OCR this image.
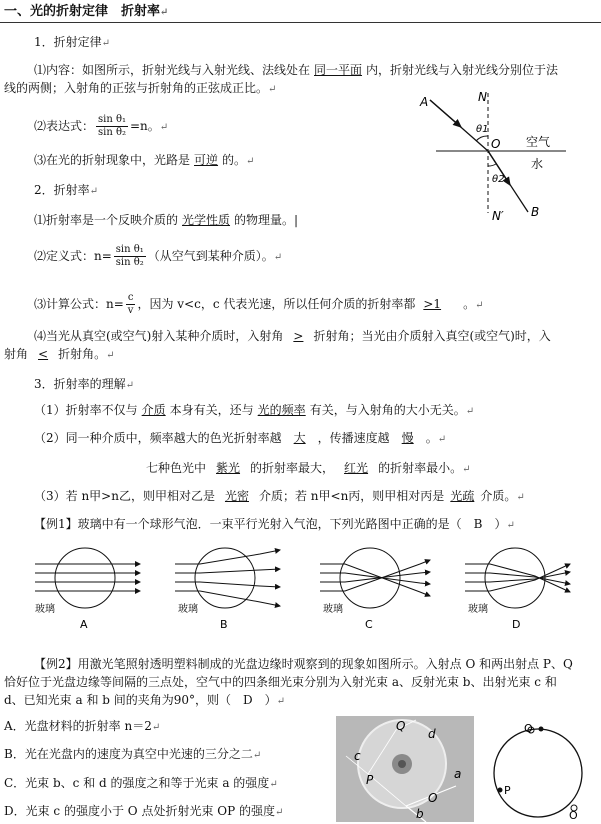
一、光的折射定律　折射率↵
1．折射定律↵
⑴内容：如图所示，折射光线与入射光线、法线处在 同一平面 内，折射光线与入射光线分别位于法
线的两侧；入射角的正弦与折射角的正弦成正比。↵
⑵表达式： $\frac{\text{sin θ₁}}{\text{sin θ₂}} =n$。↵
⑶在光的折射现象中，光路是 可逆 的。↵
A	N
θ1
O 空气
水
θ2
N′ B
2．折射率↵
⑴折射率是一个反映介质的 光学性质 的物理量。|
⑵定义式：$n= \frac{\text{sin θ₁}}{\text{sin θ₂}}$ （从空气到某种介质）。↵
⑶计算公式：$n= \frac{c}{v}$ ，因为 v<c，c 代表光速，所以任何介质的折射率都 >1 。↵
⑷当光从真空(或空气)射入某种介质时，入射角 > 折射角；当光由介质射入真空(或空气)时，入
射角 < 折射角。↵
3．折射率的理解↵
（1）折射率不仅与 介质 本身有关，还与 光的频率 有关，与入射角的大小无关。↵
（2）同一种介质中，频率越大的色光折射率越 大 ，传播速度越 慢 。↵
七种色光中 紫光 的折射率最大， 红光 的折射率最小。↵
（3）若 n甲>n乙，则甲相对乙是 光密 介质；若 n甲<n丙，则甲相对丙是 光疏 介质。↵
【例1】玻璃中有一个球形气泡．一束平行光射入气泡，下列光路图中正确的是（　B　）↵
玻璃
A
玻璃
B
玻璃
C
玻璃
D
【例2】用激光笔照射透明塑料制成的光盘边缘时观察到的现象如图所示。入射点 O 和两出射点 P、Q
恰好位于光盘边缘等间隔的三点处，空气中的四条细光束分别为入射光束 a、反射光束 b、出射光束 c 和
d、已知光束 a 和 b 间的夹角为90°，则（　D　）↵
A．光盘材料的折射率 n＝2↵
B．光在光盘内的速度为真空中光速的三分之二↵
C．光束 b、c 和 d 的强度之和等于光束 a 的强度↵
D．光束 c 的强度小于 O 点处折射光束 OP 的强度↵
Q
d
c
P	a
O
b
Q
P
O
